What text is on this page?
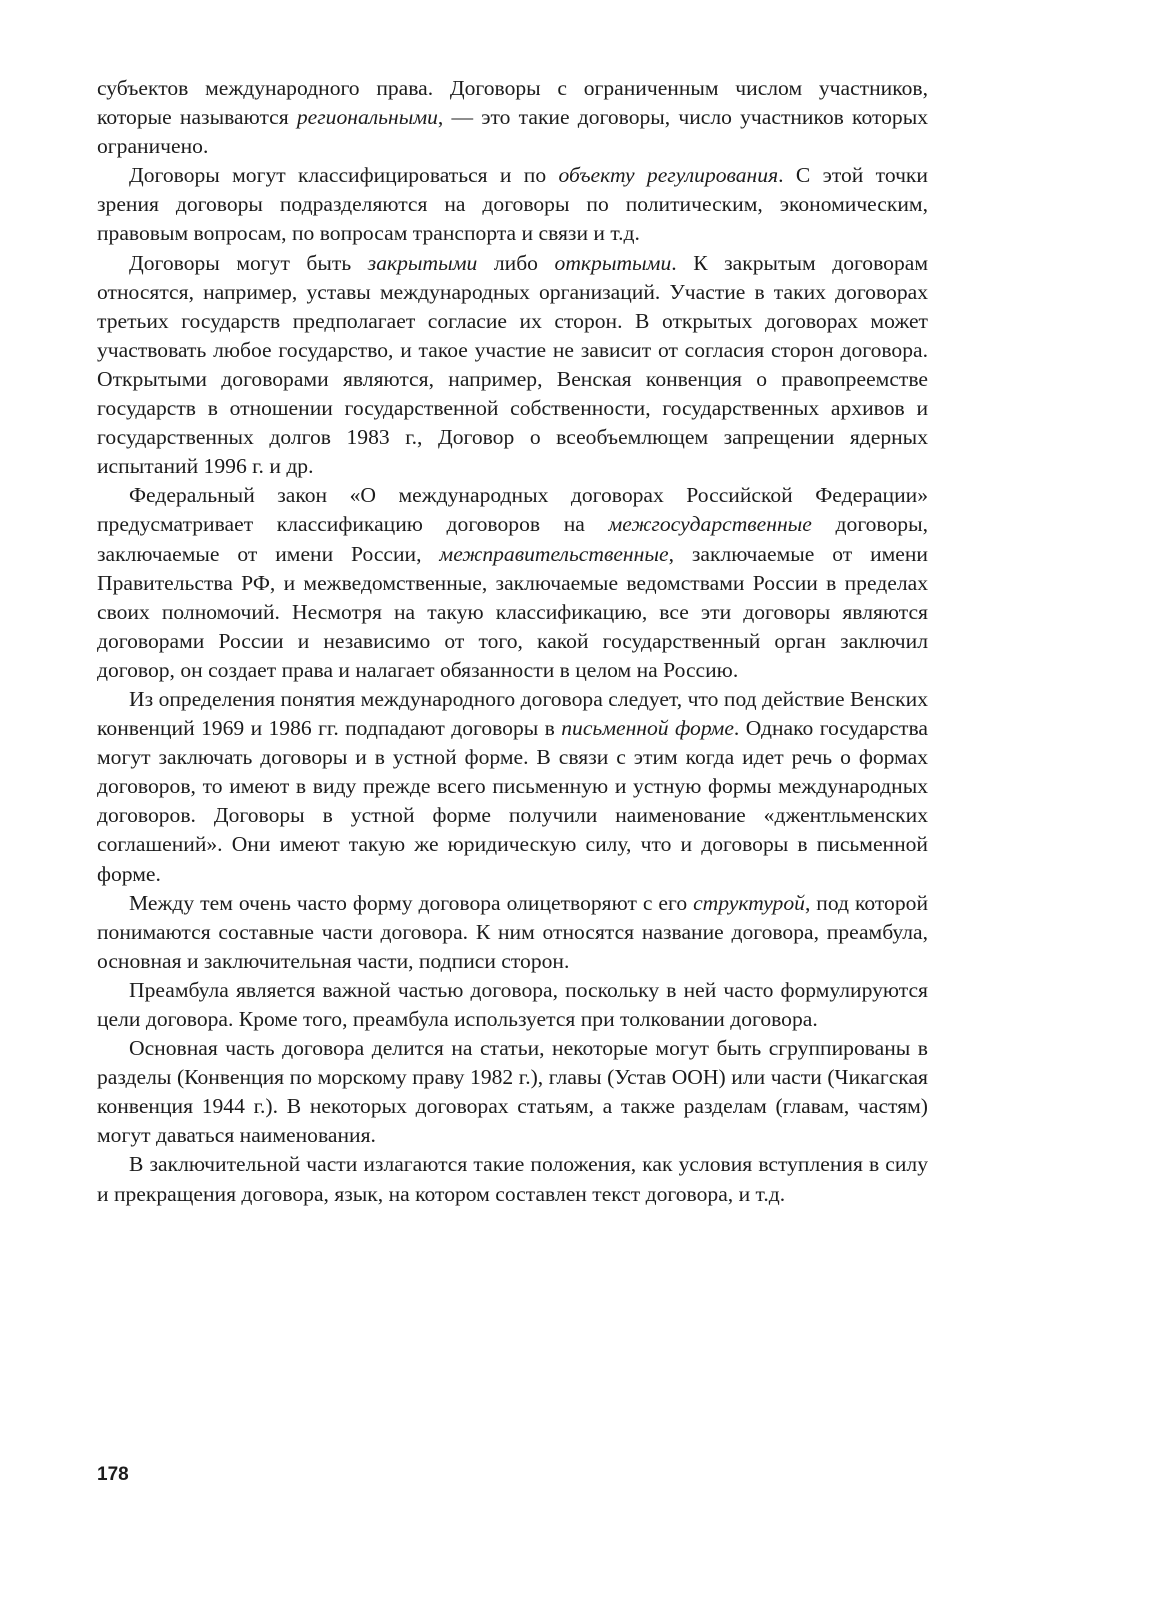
субъектов международного права. Договоры с ограниченным числом участников, которые называются региональными, — это такие договоры, число участников которых ограничено.

Договоры могут классифицироваться и по объекту регулирования. С этой точки зрения договоры подразделяются на договоры по политическим, экономическим, правовым вопросам, по вопросам транспорта и связи и т.д.

Договоры могут быть закрытыми либо открытыми. К закрытым договорам относятся, например, уставы международных организаций. Участие в таких договорах третьих государств предполагает согласие их сторон. В открытых договорах может участвовать любое государство, и такое участие не зависит от согласия сторон договора. Открытыми договорами являются, например, Венская конвенция о правопреемстве государств в отношении государственной собственности, государственных архивов и государственных долгов 1983 г., Договор о всеобъемлющем запрещении ядерных испытаний 1996 г. и др.

Федеральный закон «О международных договорах Российской Федерации» предусматривает классификацию договоров на межгосударственные договоры, заключаемые от имени России, межправительственные, заключаемые от имени Правительства РФ, и межведомственные, заключаемые ведомствами России в пределах своих полномочий. Несмотря на такую классификацию, все эти договоры являются договорами России и независимо от того, какой государственный орган заключил договор, он создает права и налагает обязанности в целом на Россию.

Из определения понятия международного договора следует, что под действие Венских конвенций 1969 и 1986 гг. подпадают договоры в письменной форме. Однако государства могут заключать договоры и в устной форме. В связи с этим когда идет речь о формах договоров, то имеют в виду прежде всего письменную и устную формы международных договоров. Договоры в устной форме получили наименование «джентльменских соглашений». Они имеют такую же юридическую силу, что и договоры в письменной форме.

Между тем очень часто форму договора олицетворяют с его структурой, под которой понимаются составные части договора. К ним относятся название договора, преамбула, основная и заключительная части, подписи сторон.

Преамбула является важной частью договора, поскольку в ней часто формулируются цели договора. Кроме того, преамбула используется при толковании договора.

Основная часть договора делится на статьи, некоторые могут быть сгруппированы в разделы (Конвенция по морскому праву 1982 г.), главы (Устав ООН) или части (Чикагская конвенция 1944 г.). В некоторых договорах статьям, а также разделам (главам, частям) могут даваться наименования.

В заключительной части излагаются такие положения, как условия вступления в силу и прекращения договора, язык, на котором составлен текст договора, и т.д.

178
